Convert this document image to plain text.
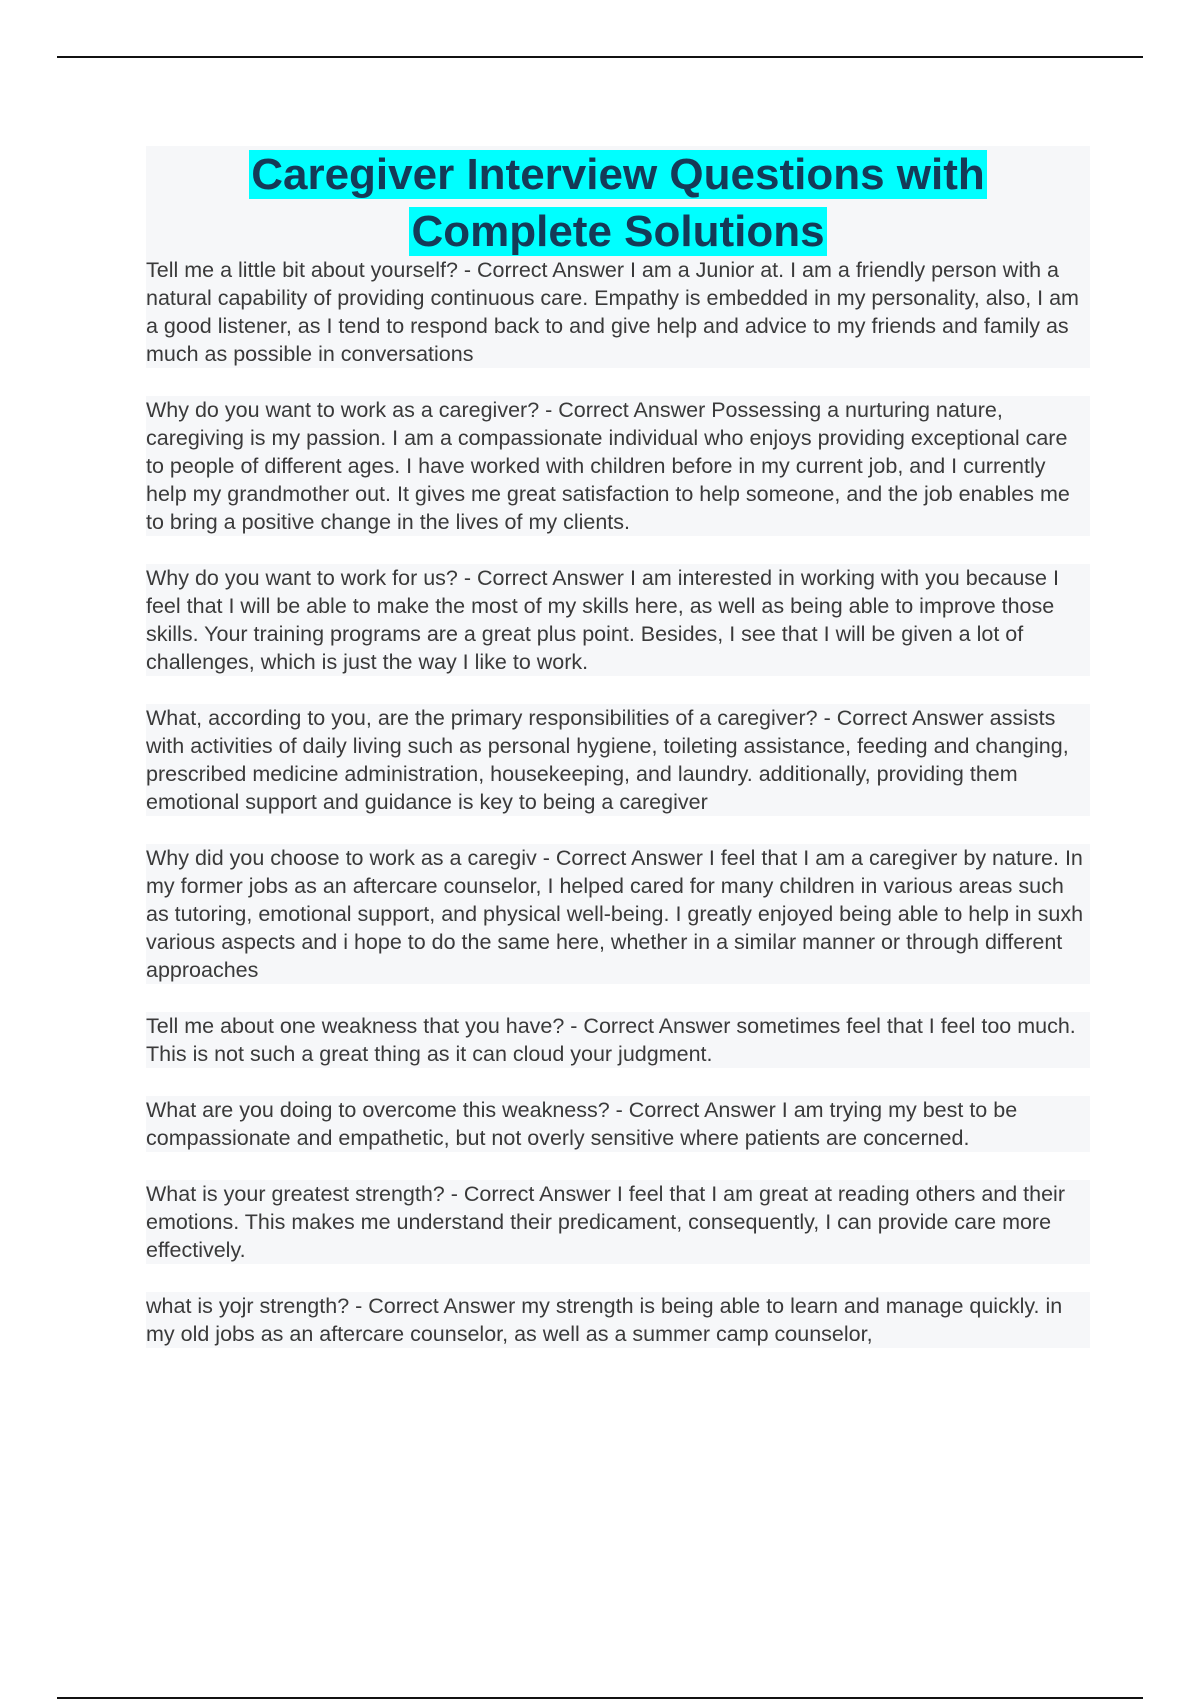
Caregiver Interview Questions with
Complete Solutions

Tell me a little bit about yourself? - Correct Answer I am a Junior at. I am a friendly person with a natural capability of providing continuous care. Empathy is embedded in my personality, also, I am a good listener, as I tend to respond back to and give help and advice to my friends and family as much as possible in conversations

Why do you want to work as a caregiver? - Correct Answer Possessing a nurturing nature, caregiving is my passion. I am a compassionate individual who enjoys providing exceptional care to people of different ages. I have worked with children before in my current job, and I currently help my grandmother out. It gives me great satisfaction to help someone, and the job enables me to bring a positive change in the lives of my clients.

Why do you want to work for us? - Correct Answer I am interested in working with you because I feel that I will be able to make the most of my skills here, as well as being able to improve those skills. Your training programs are a great plus point. Besides, I see that I will be given a lot of challenges, which is just the way I like to work.

What, according to you, are the primary responsibilities of a caregiver? - Correct Answer assists with activities of daily living such as personal hygiene, toileting assistance, feeding and changing, prescribed medicine administration, housekeeping, and laundry. additionally, providing them emotional support and guidance is key to being a caregiver

Why did you choose to work as a caregiv - Correct Answer I feel that I am a caregiver by nature. In my former jobs as an aftercare counselor, I helped cared for many children in various areas such as tutoring, emotional support, and physical well-being. I greatly enjoyed being able to help in suxh various aspects and i hope to do the same here, whether in a similar manner or through different approaches

Tell me about one weakness that you have? - Correct Answer sometimes feel that I feel too much. This is not such a great thing as it can cloud your judgment.

What are you doing to overcome this weakness? - Correct Answer I am trying my best to be compassionate and empathetic, but not overly sensitive where patients are concerned.

What is your greatest strength? - Correct Answer I feel that I am great at reading others and their emotions. This makes me understand their predicament, consequently, I can provide care more effectively.

what is yojr strength? - Correct Answer my strength is being able to learn and manage quickly. in my old jobs as an aftercare counselor, as well as a summer camp counselor,
